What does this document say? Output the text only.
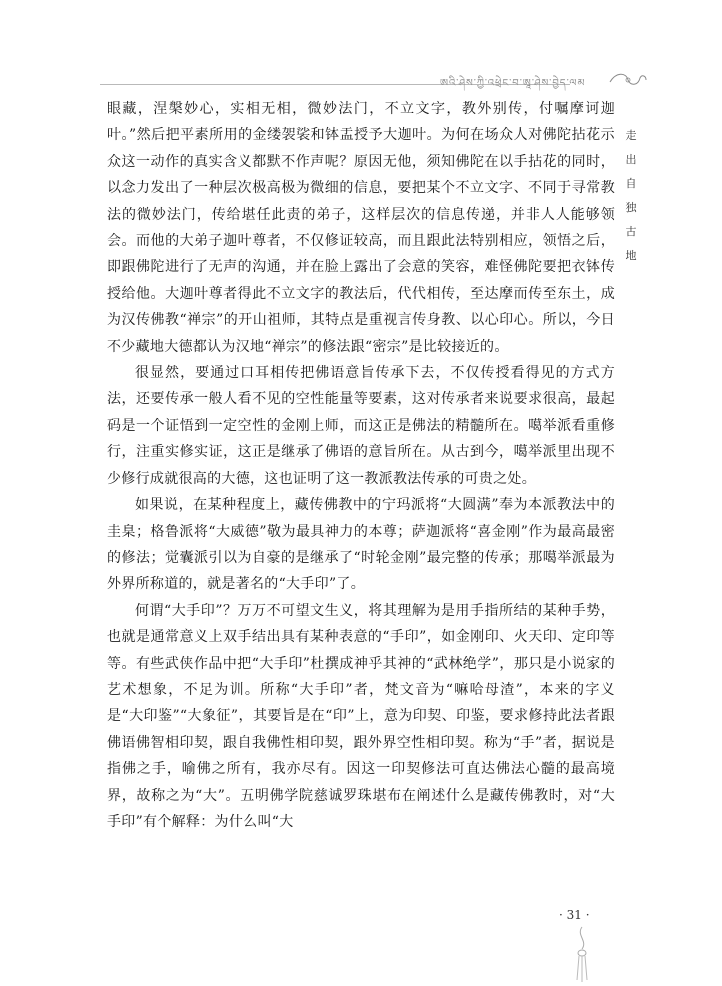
ཨའི་ཤེས་ཀྱི་འཕྲེང་བ་ཨཱ་ཤེས་བྱེད་ལམ
走
出
自
独
古
地

眼藏，涅槃妙心，实相无相，微妙法门，不立文字，教外别传，付嘱摩诃迦叶。”然后把平素所用的金缕袈裟和钵盂授予大迦叶。为何在场众人对佛陀拈花示众这一动作的真实含义都默不作声呢？原因无他，须知佛陀在以手拈花的同时，以念力发出了一种层次极高极为微细的信息，要把某个不立文字、不同于寻常教法的微妙法门，传给堪任此责的弟子，这样层次的信息传递，并非人人能够领会。而他的大弟子迦叶尊者，不仅修证较高，而且跟此法特别相应，领悟之后，即跟佛陀进行了无声的沟通，并在脸上露出了会意的笑容，难怪佛陀要把衣钵传授给他。大迦叶尊者得此不立文字的教法后，代代相传，至达摩而传至东土，成为汉传佛教“禅宗”的开山祖师，其特点是重视言传身教、以心印心。所以，今日不少藏地大德都认为汉地“禅宗”的修法跟“密宗”是比较接近的。

很显然，要通过口耳相传把佛语意旨传承下去，不仅传授看得见的方式方法，还要传承一般人看不见的空性能量等要素，这对传承者来说要求很高，最起码是一个证悟到一定空性的金刚上师，而这正是佛法的精髓所在。噶举派看重修行，注重实修实证，这正是继承了佛语的意旨所在。从古到今，噶举派里出现不少修行成就很高的大德，这也证明了这一教派教法传承的可贵之处。

如果说，在某种程度上，藏传佛教中的宁玛派将“大圆满”奉为本派教法中的圭臬；格鲁派将“大威德”敬为最具神力的本尊；萨迦派将“喜金刚”作为最高最密的修法；觉囊派引以为自豪的是继承了“时轮金刚”最完整的传承；那噶举派最为外界所称道的，就是著名的“大手印”了。

何谓“大手印”？万万不可望文生义，将其理解为是用手指所结的某种手势，也就是通常意义上双手结出具有某种表意的“手印”，如金刚印、火天印、定印等等。有些武侠作品中把“大手印”杜撰成神乎其神的“武林绝学”，那只是小说家的艺术想象，不足为训。所称“大手印”者，梵文音为“嘛哈母渣”，本来的字义是“大印鉴”“大象征”，其要旨是在“印”上，意为印契、印鉴，要求修持此法者跟佛语佛智相印契，跟自我佛性相印契，跟外界空性相印契。称为“手”者，据说是指佛之手，喻佛之所有，我亦尽有。因这一印契修法可直达佛法心髓的最高境界，故称之为“大”。五明佛学院慈诚罗珠堪布在阐述什么是藏传佛教时，对“大手印”有个解释：为什么叫“大

· 31 ·
